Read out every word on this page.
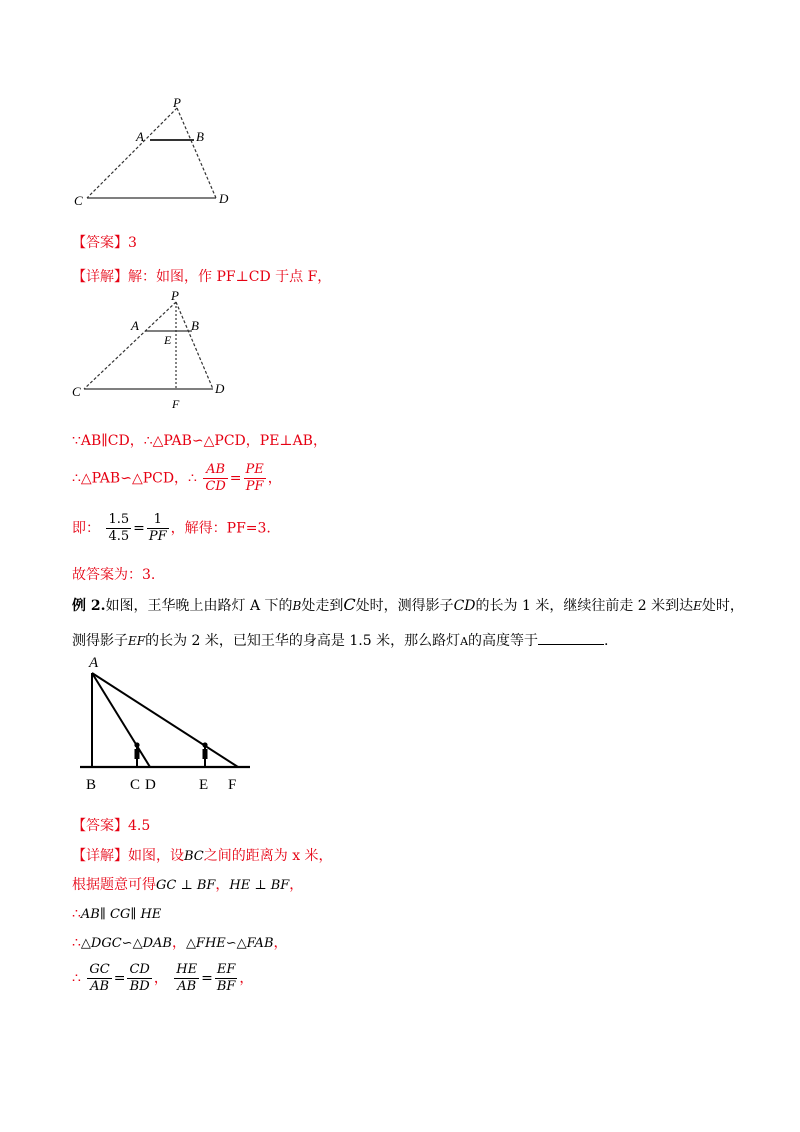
P
A	B
C	D
【答案】3
【详解】解：如图，作 PF⊥CD 于点 F，
P
A	B
E
C	D
F
∵AB∥CD，∴△PAB∽△PCD，PE⊥AB，
∴△PAB∽△PCD，∴ $\frac{AB}{CD} = \frac{PE}{PF}$ ，
即： $\frac{1.5}{4.5} = \frac{1}{PF}$ ，解得：PF=3.
故答案为：3.
例 2.如图，王华晚上由路灯 A 下的B处走到C处时，测得影子CD的长为 1 米，继续往前走 2 米到达E处时，
测得影子EF的长为 2 米，已知王华的身高是 1.5 米，那么路灯A的高度等于	.
A
B C D	E F
【答案】4.5
【详解】如图，设BC之间的距离为 x 米，
根据题意可得GC ⊥ BF，HE ⊥ BF，
∴AB∥ CG∥ HE
∴△DGC∽△DAB，△FHE∽△FAB，
∴ $\frac{GC}{AB} = \frac{CD}{BD}$ ， $\frac{HE}{AB} = \frac{EF}{BF}$ ，
